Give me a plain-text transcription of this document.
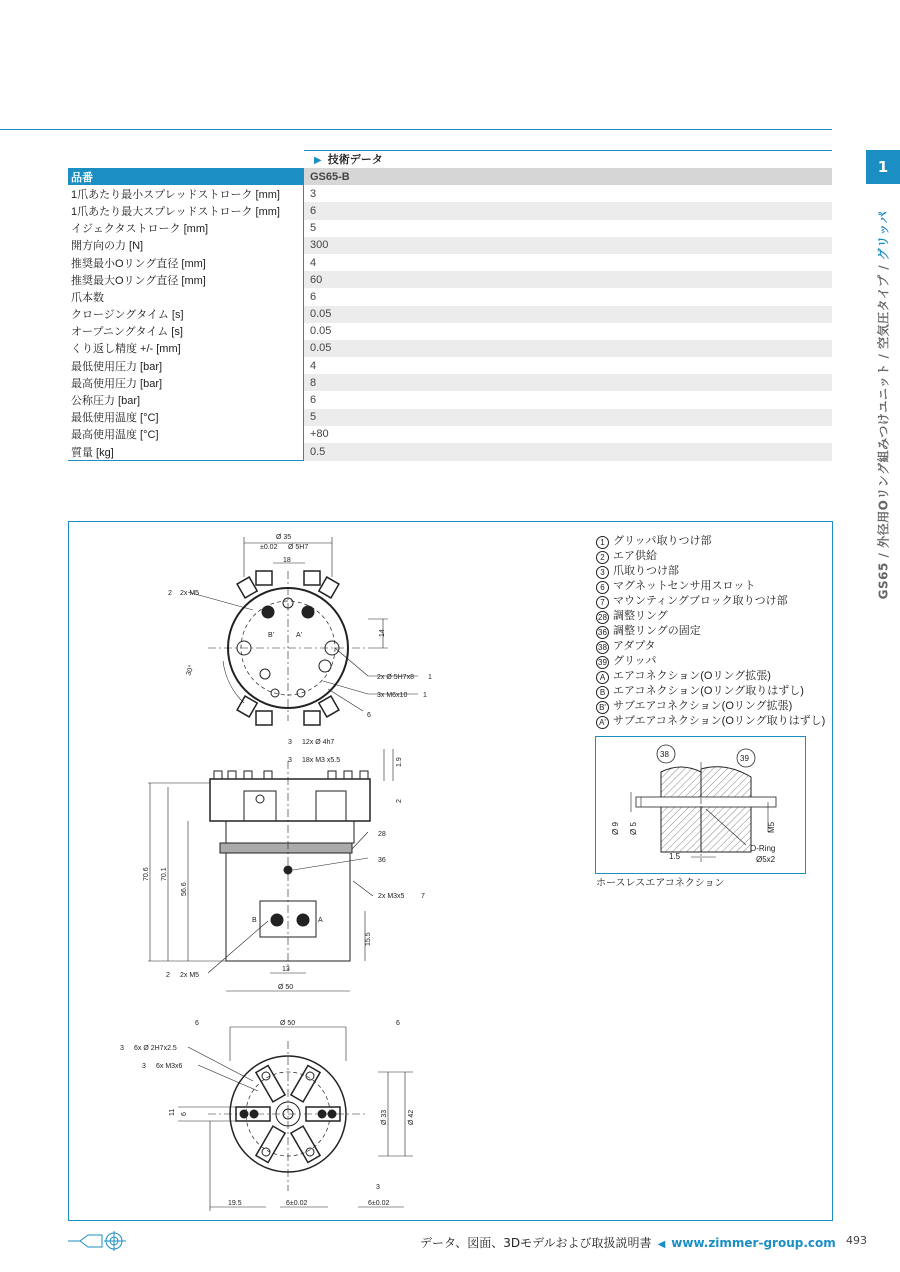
1
GS65 / 外径用Oリング組みつけユニット / 空気圧タイプ / グリッパ
▶ 技術データ
品番	GS65-B
1爪あたり最小スプレッドストローク [mm]	3
1爪あたり最大スプレッドストローク [mm]	6
イジェクタストローク [mm]	5
開方向の力 [N]	300
推奨最小Oリング直径 [mm]	4
推奨最大Oリング直径 [mm]	60
爪本数	6
クロージングタイム [s]	0.05
オープニングタイム [s]	0.05
くり返し精度 +/- [mm]	0.05
最低使用圧力 [bar]	4
最高使用圧力 [bar]	8
公称圧力 [bar]	6
最低使用温度 [°C]	5
最高使用温度 [°C]	+80
質量 [kg]	0.5
Ø 35
±0.02 Ø 5H7
18
14
30°
2 2x M5
B'	A'
2x Ø 5H7x8 1
3x M6x10 1
6
3 12x Ø 4h7
3 18x M3 x5.5	1.9
2
70.6 70.1
56.6
15.5
28
36
2x M3x5 7
B	A
13
Ø 50
2 2x M5
Ø 50
6	6
3 6x Ø 2H7x2.5
3 6x M3x6
11 6	Ø 33	Ø 42
3
19.5	6±0.02	6±0.02
1 グリッパ取りつけ部
2 エア供給
3 爪取りつけ部
6 マグネットセンサ用スロット
7 マウンティングブロック取りつけ部
28 調整リング
36 調整リングの固定
38 アダプタ
39 グリッパ
A エアコネクション(Oリング拡張)
B エアコネクション(Oリング取りはずし)
B' サブエアコネクション(Oリング拡張)
A' サブエアコネクション(Oリング取りはずし)
38	39
Ø 9 Ø 5	M5
1.5
O-Ring
Ø5x2
ホースレスエアコネクション
データ、図面、3Dモデルおよび取扱説明書 ◀ www.zimmer-group.com 493
